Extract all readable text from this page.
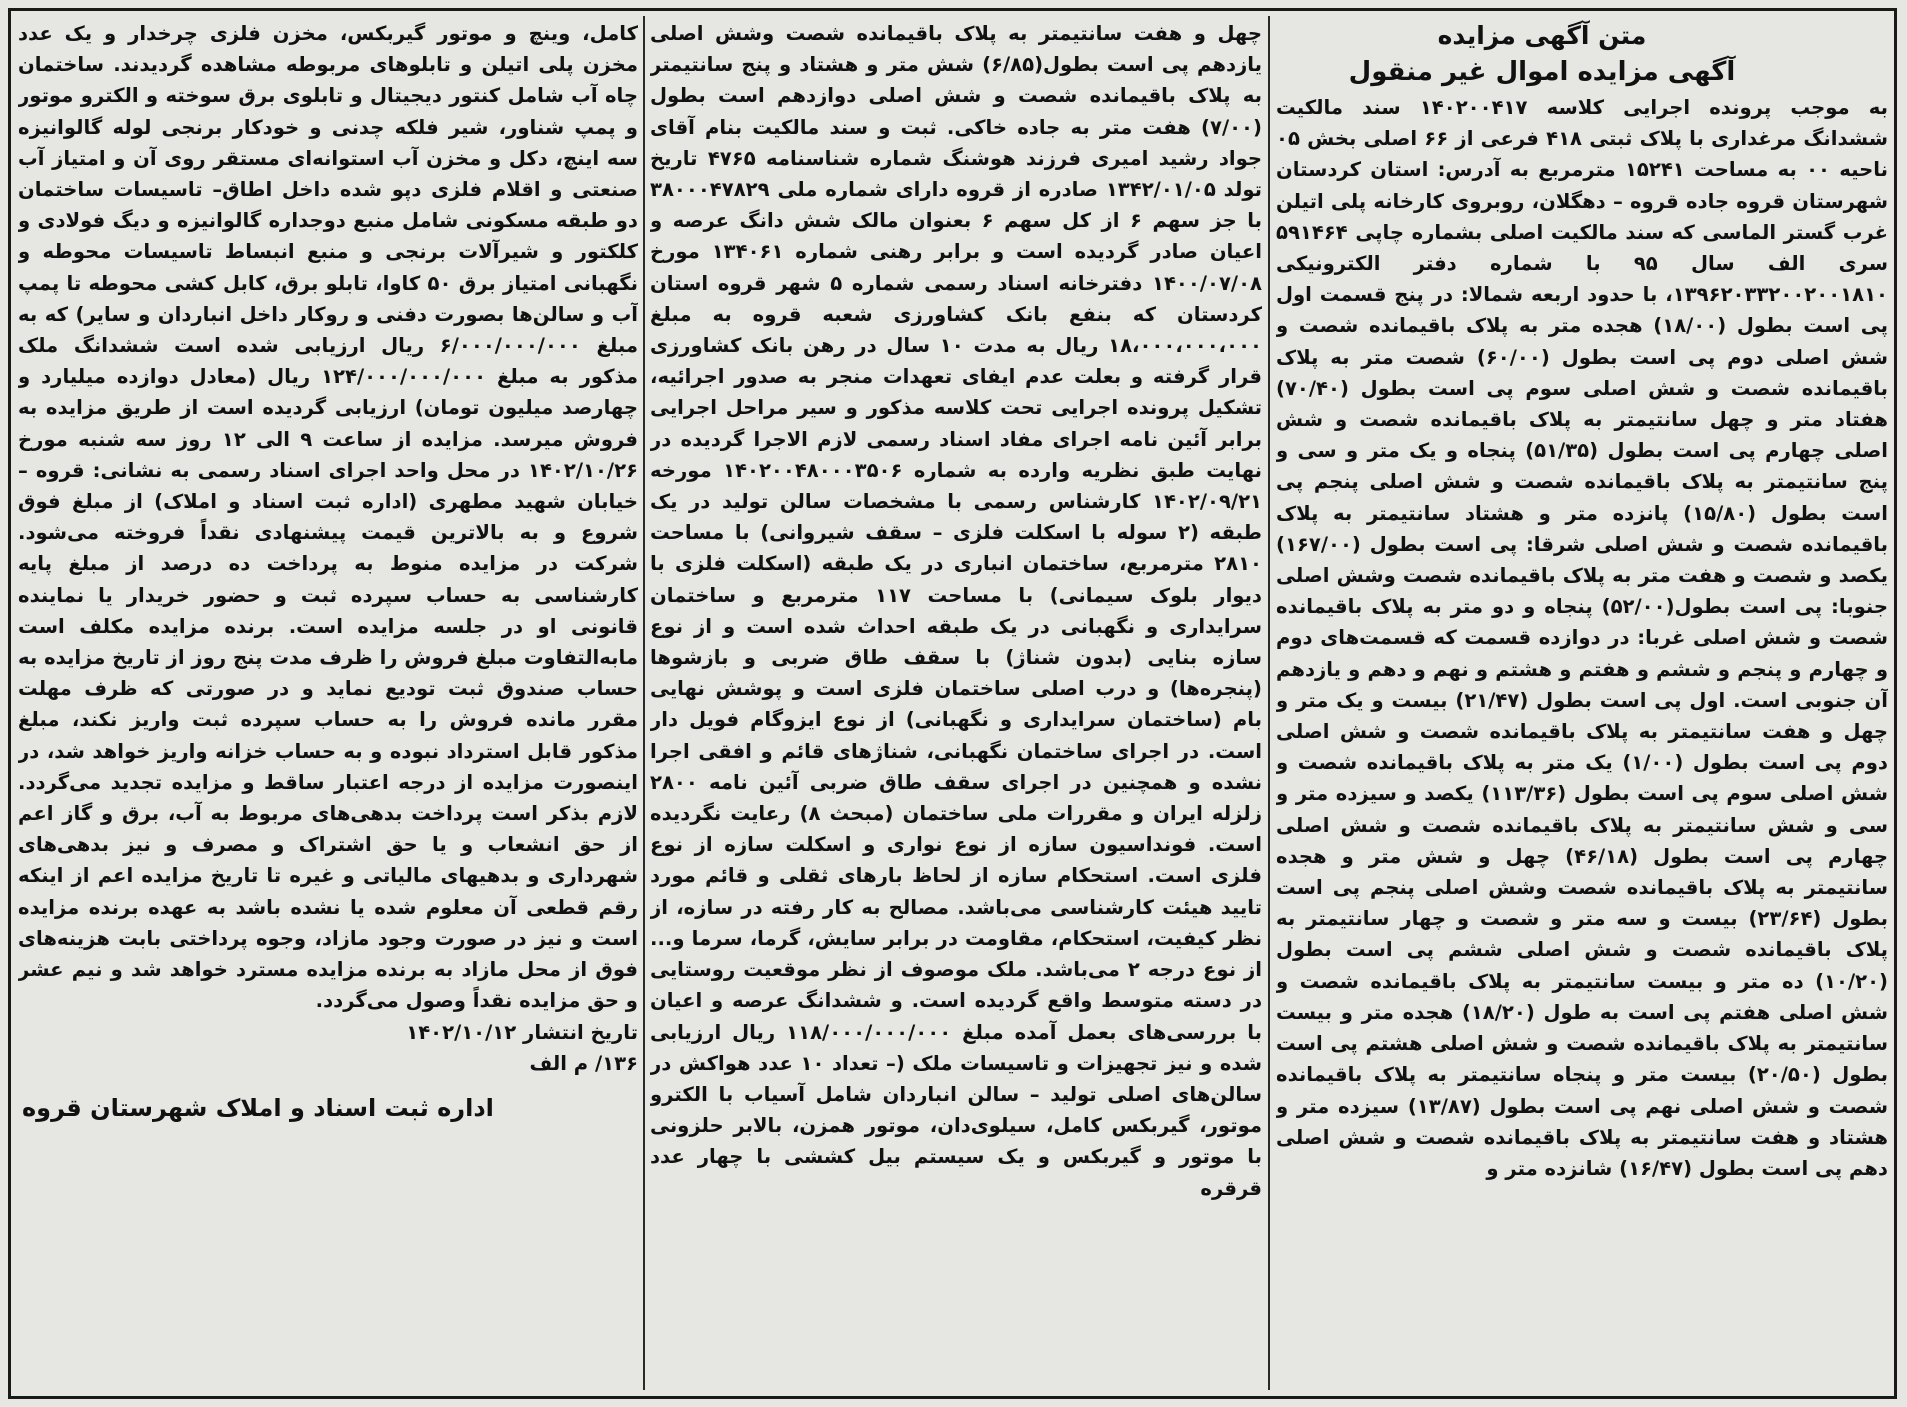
متن آگهی مزایده
آگهی مزایده اموال غیر منقول

به موجب پرونده اجرایی کلاسه ۱۴۰۲۰۰۴۱۷ سند مالکیت ششدانگ مرغداری با پلاک ثبتی ۴۱۸ فرعی از ۶۶ اصلی بخش ۰۵ ناحیه ۰۰ به مساحت ۱۵۲۴۱ مترمربع به آدرس: استان کردستان شهرستان قروه جاده قروه – دهگلان، روبروی کارخانه پلی اتیلن غرب گستر الماسی که سند مالکیت اصلی بشماره چاپی ۵۹۱۴۶۴ سری الف سال ۹۵ با شماره دفتر الکترونیکی ۱۳۹۶۲۰۳۳۲۰۰۲۰۰۱۸۱۰، با حدود اربعه شمالا: در پنج قسمت اول پی است بطول (۱۸/۰۰) هجده متر به پلاک باقیمانده شصت و شش اصلی دوم پی است بطول (۶۰/۰۰) شصت متر به پلاک باقیمانده شصت و شش اصلی سوم پی است بطول (۷۰/۴۰) هفتاد متر و چهل سانتیمتر به پلاک باقیمانده شصت و شش اصلی چهارم پی است بطول (۵۱/۳۵) پنجاه و یک متر و سی و پنج سانتیمتر به پلاک باقیمانده شصت و شش اصلی پنجم پی است بطول (۱۵/۸۰) پانزده متر و هشتاد سانتیمتر به پلاک باقیمانده شصت و شش اصلی شرقا: پی است بطول (۱۶۷/۰۰) یکصد و شصت و هفت متر به پلاک باقیمانده شصت وشش اصلی جنوبا: پی است بطول(۵۲/۰۰) پنجاه و دو متر به پلاک باقیمانده شصت و شش اصلی غربا: در دوازده قسمت که قسمت‌های دوم و چهارم و پنجم و ششم و هفتم و هشتم و نهم و دهم و یازدهم آن جنوبی است. اول پی است بطول (۲۱/۴۷) بیست و یک متر و چهل و هفت سانتیمتر به پلاک باقیمانده شصت و شش اصلی دوم پی است بطول (۱/۰۰) یک متر به پلاک باقیمانده شصت و شش اصلی سوم پی است بطول (۱۱۳/۳۶) یکصد و سیزده متر و سی و شش سانتیمتر به پلاک باقیمانده شصت و شش اصلی چهارم پی است بطول (۴۶/۱۸) چهل و شش متر و هجده سانتیمتر به پلاک باقیمانده شصت وشش اصلی پنجم پی است بطول (۲۳/۶۴) بیست و سه متر و شصت و چهار سانتیمتر به پلاک باقیمانده شصت و شش اصلی ششم پی است بطول (۱۰/۲۰) ده متر و بیست سانتیمتر به پلاک باقیمانده شصت و شش اصلی هفتم پی است به طول (۱۸/۲۰) هجده متر و بیست سانتیمتر به پلاک باقیمانده شصت و شش اصلی هشتم پی است بطول (۲۰/۵۰) بیست متر و پنجاه سانتیمتر به پلاک باقیمانده شصت و شش اصلی نهم پی است بطول (۱۳/۸۷) سیزده متر و هشتاد و هفت سانتیمتر به پلاک باقیمانده شصت و شش اصلی دهم پی است بطول (۱۶/۴۷) شانزده متر و

چهل و هفت سانتیمتر به پلاک باقیمانده شصت وشش اصلی یازدهم پی است بطول(۶/۸۵) شش متر و هشتاد و پنج سانتیمتر به پلاک باقیمانده شصت و شش اصلی دوازدهم است بطول (۷/۰۰) هفت متر به جاده خاکی. ثبت و سند مالکیت بنام آقای جواد رشید امیری فرزند هوشنگ شماره شناسنامه ۴۷۶۵ تاریخ تولد ۱۳۴۲/۰۱/۰۵ صادره از قروه دارای شماره ملی ۳۸۰۰۰۴۷۸۲۹ با جز سهم ۶ از کل سهم ۶ بعنوان مالک شش دانگ عرصه و اعیان صادر گردیده است و برابر رهنی شماره ۱۳۴۰۶۱ مورخ ۱۴۰۰/۰۷/۰۸ دفترخانه اسناد رسمی شماره ۵ شهر قروه استان کردستان که بنفع بانک کشاورزی شعبه قروه به مبلغ ۱۸،۰۰۰،۰۰۰،۰۰۰ ریال به مدت ۱۰ سال در رهن بانک کشاورزی قرار گرفته و بعلت عدم ایفای تعهدات منجر به صدور اجرائیه، تشکیل پرونده اجرایی تحت کلاسه مذکور و سیر مراحل اجرایی برابر آئین نامه اجرای مفاد اسناد رسمی لازم الاجرا گردیده در نهایت طبق نظریه وارده به شماره ۱۴۰۲۰۰۴۸۰۰۰۳۵۰۶ مورخه ۱۴۰۲/۰۹/۲۱ کارشناس رسمی با مشخصات سالن تولید در یک طبقه (۲ سوله با اسکلت فلزی – سقف شیروانی) با مساحت ۲۸۱۰ مترمربع، ساختمان انباری در یک طبقه (اسکلت فلزی با دیوار بلوک سیمانی) با مساحت ۱۱۷ مترمربع و ساختمان سرایداری و نگهبانی در یک طبقه احداث شده است و از نوع سازه بنایی (بدون شناژ) با سقف طاق ضربی و بازشوها (پنجره‌ها) و درب اصلی ساختمان فلزی است و پوشش نهایی بام (ساختمان سرایداری و نگهبانی) از نوع ایزوگام فویل دار است. در اجرای ساختمان نگهبانی، شناژهای قائم و افقی اجرا نشده و همچنین در اجرای سقف طاق ضربی آئین نامه ۲۸۰۰ زلزله ایران و مقررات ملی ساختمان (مبحث ۸) رعایت نگردیده است. فونداسیون سازه از نوع نواری و اسکلت سازه از نوع فلزی است. استحکام سازه از لحاظ بارهای ثقلی و قائم مورد تایید هیئت کارشناسی می‌باشد. مصالح به کار رفته در سازه، از نظر کیفیت، استحکام، مقاومت در برابر سایش، گرما، سرما و... از نوع درجه ۲ می‌باشد. ملک موصوف از نظر موقعیت روستایی در دسته متوسط واقع گردیده است. و ششدانگ عرصه و اعیان با بررسی‌های بعمل آمده مبلغ ۱۱۸/۰۰۰/۰۰۰/۰۰۰ ریال ارزیابی شده و نیز تجهیزات و تاسیسات ملک (– تعداد ۱۰ عدد هواکش در سالن‌های اصلی تولید – سالن انباردان شامل آسیاب با الکترو موتور، گیربکس کامل، سیلوی‌دان، موتور همزن، بالابر حلزونی با موتور و گیربکس و یک سیستم بیل کششی با چهار عدد قرقره

کامل، وینچ و موتور گیربکس، مخزن فلزی چرخدار و یک عدد مخزن پلی اتیلن و تابلوهای مربوطه مشاهده گردیدند. ساختمان چاه آب شامل کنتور دیجیتال و تابلوی برق سوخته و الکترو موتور و پمپ شناور، شیر فلکه چدنی و خودکار برنجی لوله گالوانیزه سه اینچ، دکل و مخزن آب استوانه‌ای مستقر روی آن و امتیاز آب صنعتی و اقلام فلزی دپو شده داخل اطاق– تاسیسات ساختمان دو طبقه مسکونی شامل منبع دوجداره گالوانیزه و دیگ فولادی و کلکتور و شیرآلات برنجی و منبع انبساط تاسیسات محوطه و نگهبانی امتیاز برق ۵۰ کاوا، تابلو برق، کابل کشی محوطه تا پمپ آب و سالن‌ها بصورت دفنی و روکار داخل انباردان و سایر) که به مبلغ ۶/۰۰۰/۰۰۰/۰۰۰ ریال ارزیابی شده است ششدانگ ملک مذکور به مبلغ ۱۲۴/۰۰۰/۰۰۰/۰۰۰ ریال (معادل دوازده میلیارد و چهارصد میلیون تومان) ارزیابی گردیده است از طریق مزایده به فروش میرسد. مزایده از ساعت ۹ الی ۱۲ روز سه شنبه مورخ ۱۴۰۲/۱۰/۲۶ در محل واحد اجرای اسناد رسمی به نشانی: قروه – خیابان شهید مطهری (اداره ثبت اسناد و املاک) از مبلغ فوق شروع و به بالاترین قیمت پیشنهادی نقداً فروخته می‌شود. شرکت در مزایده منوط به پرداخت ده درصد از مبلغ پایه کارشناسی به حساب سپرده ثبت و حضور خریدار یا نماینده قانونی او در جلسه مزایده است. برنده مزایده مکلف است مابه‌التفاوت مبلغ فروش را ظرف مدت پنج روز از تاریخ مزایده به حساب صندوق ثبت تودیع نماید و در صورتی که ظرف مهلت مقرر مانده فروش را به حساب سپرده ثبت واریز نکند، مبلغ مذکور قابل استرداد نبوده و به حساب خزانه واریز خواهد شد، در اینصورت مزایده از درجه اعتبار ساقط و مزایده تجدید می‌گردد. لازم بذکر است پرداخت بدهی‌های مربوط به آب، برق و گاز اعم از حق انشعاب و یا حق اشتراک و مصرف و نیز بدهی‌های شهرداری و بدهیهای مالیاتی و غیره تا تاریخ مزایده اعم از اینکه رقم قطعی آن معلوم شده یا نشده باشد به عهده برنده مزایده است و نیز در صورت وجود مازاد، وجوه پرداختی بابت هزینه‌های فوق از محل مازاد به برنده مزایده مسترد خواهد شد و نیم عشر و حق مزایده نقداً وصول می‌گردد.

تاریخ انتشار ۱۴۰۲/۱۰/۱۲
۱۳۶/ م الف
اداره ثبت اسناد و املاک شهرستان قروه
